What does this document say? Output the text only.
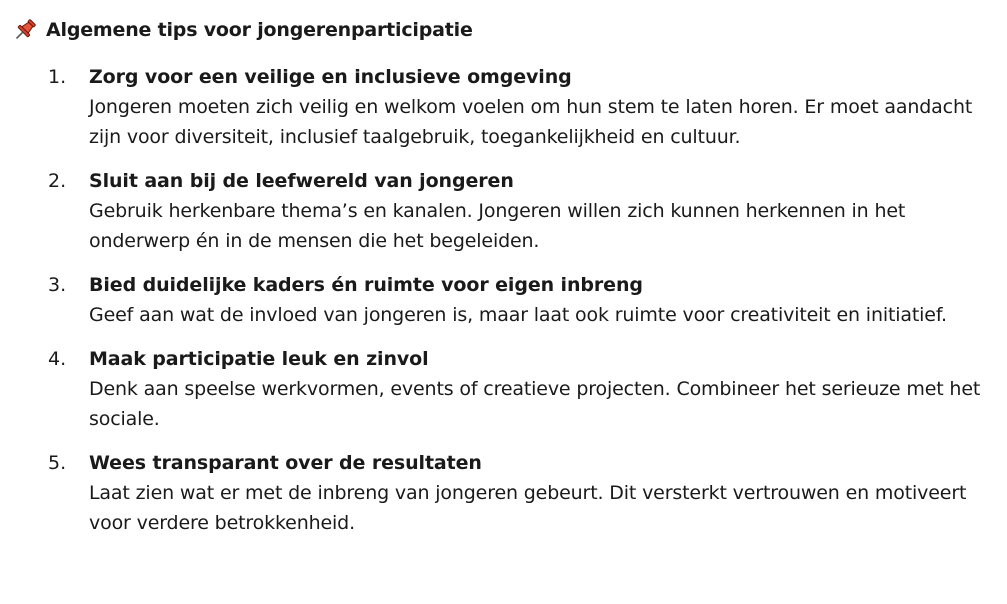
Algemene tips voor jongerenparticipatie
1.	Zorg voor een veilige en inclusieve omgeving
Jongeren moeten zich veilig en welkom voelen om hun stem te laten horen. Er moet aandacht zijn voor diversiteit, inclusief taalgebruik, toegankelijkheid en cultuur.
2.	Sluit aan bij de leefwereld van jongeren
Gebruik herkenbare thema’s en kanalen. Jongeren willen zich kunnen herkennen in het onderwerp én in de mensen die het begeleiden.
3.	Bied duidelijke kaders én ruimte voor eigen inbreng
Geef aan wat de invloed van jongeren is, maar laat ook ruimte voor creativiteit en initiatief.
4.	Maak participatie leuk en zinvol
Denk aan speelse werkvormen, events of creatieve projecten. Combineer het serieuze met het sociale.
5.	Wees transparant over de resultaten
Laat zien wat er met de inbreng van jongeren gebeurt. Dit versterkt vertrouwen en motiveert voor verdere betrokkenheid.
